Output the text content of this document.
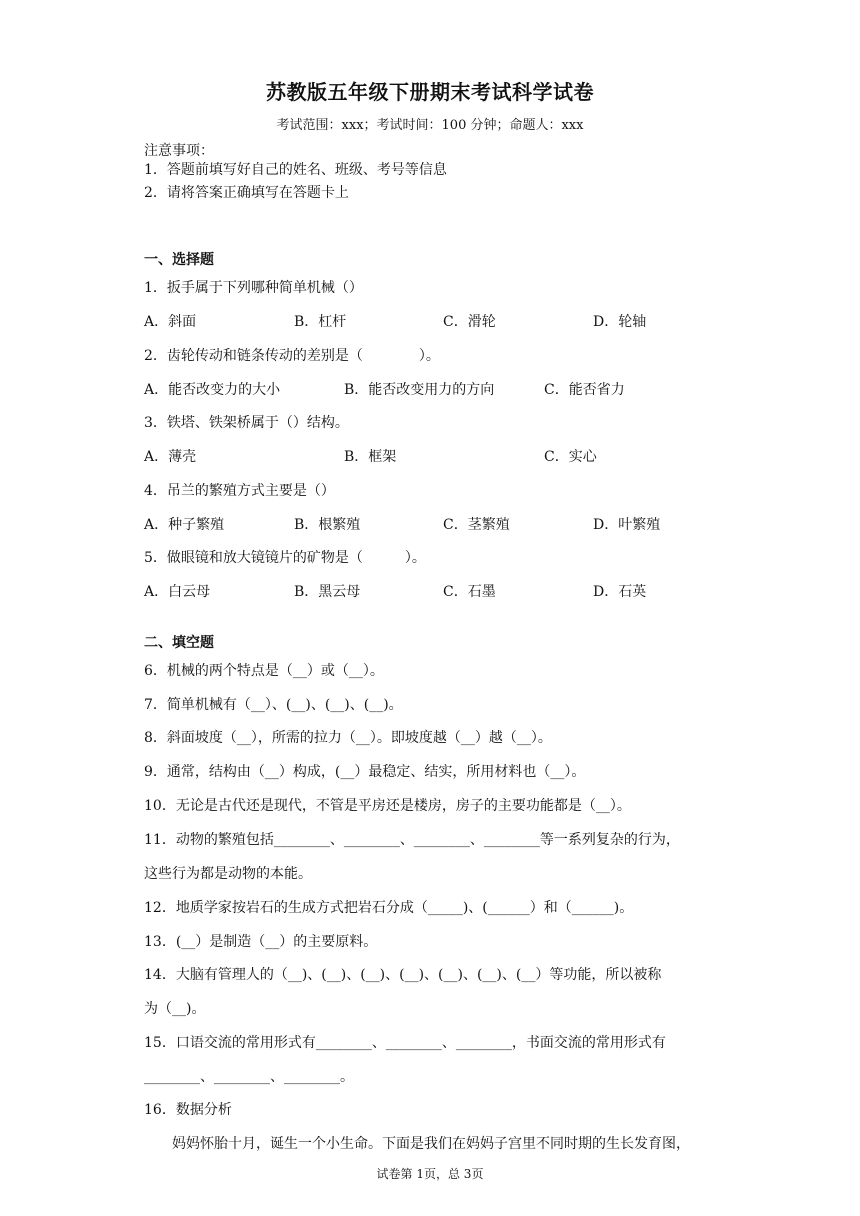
苏教版五年级下册期末考试科学试卷
考试范围：xxx；考试时间：100 分钟；命题人：xxx
注意事项：
1．答题前填写好自己的姓名、班级、考号等信息
2．请将答案正确填写在答题卡上
一、选择题
1．扳手属于下列哪种简单机械（）
A．斜面	B．杠杆	C．滑轮	D．轮轴
2．齿轮传动和链条传动的差别是（　　　　）。
A．能否改变力的大小	B．能否改变用力的方向	C．能否省力
3．铁塔、铁架桥属于（）结构。
A．薄壳	B．框架	C．实心
4．吊兰的繁殖方式主要是（）
A．种子繁殖	B．根繁殖	C．茎繁殖	D．叶繁殖
5．做眼镜和放大镜镜片的矿物是（　　　）。
A．白云母	B．黑云母	C．石墨	D．石英
二、填空题
6．机械的两个特点是（__）或（__）。
7．简单机械有（__）、(__)、(__)、(__)。
8．斜面坡度（__），所需的拉力（__）。即坡度越（__）越（__）。
9．通常，结构由（__）构成，(__）最稳定、结实，所用材料也（__）。
10．无论是古代还是现代，不管是平房还是楼房，房子的主要功能都是（__）。
11．动物的繁殖包括________、________、________、________等一系列复杂的行为，
这些行为都是动物的本能。
12．地质学家按岩石的生成方式把岩石分成（_____)、(______）和（______)。
13．(__）是制造（__）的主要原料。
14．大脑有管理人的（__)、(__)、(__)、(__)、(__)、(__)、(__）等功能，所以被称
为（__)。
15．口语交流的常用形式有________、________、________，书面交流的常用形式有
________、________、________。
16．数据分析
　　妈妈怀胎十月，诞生一个小生命。下面是我们在妈妈子宫里不同时期的生长发育图，
试卷第 1页，总 3页
